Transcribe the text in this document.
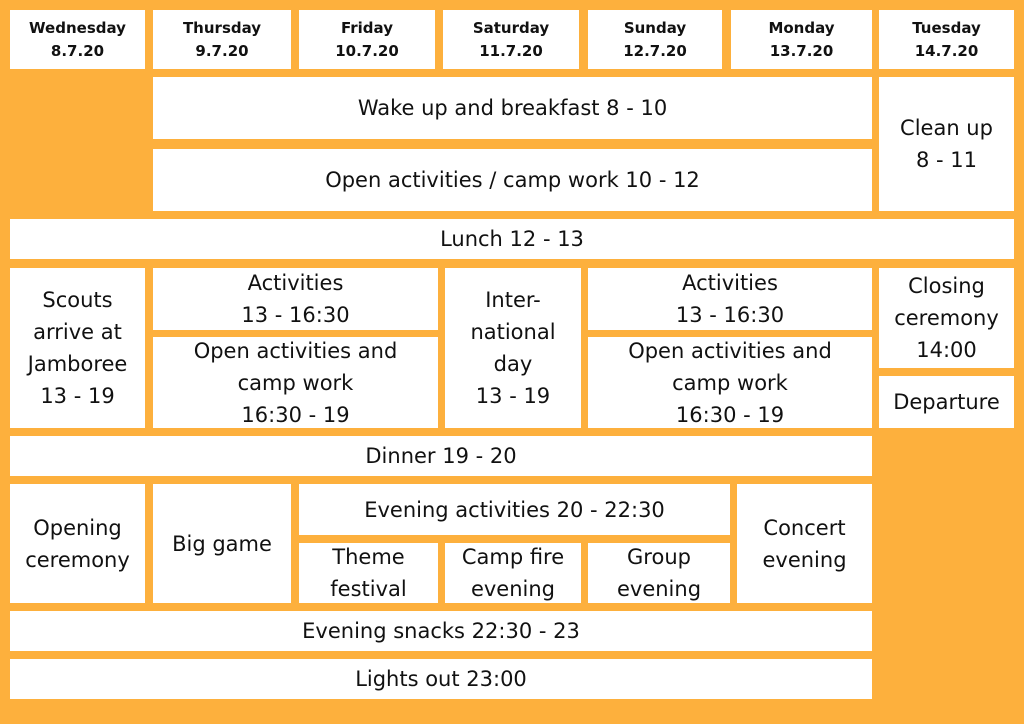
Wednesday
8.7.20
Thursday
9.7.20
Friday
10.7.20
Saturday
11.7.20
Sunday
12.7.20
Monday
13.7.20
Tuesday
14.7.20
Wake up and breakfast 8 - 10
Open activities / camp work 10 - 12
Clean up
8 - 11
Lunch 12 - 13
Scouts
arrive at
Jamboree
13 - 19
Activities
13 - 16:30
Open activities and
camp work
16:30 - 19
Inter-
national
day
13 - 19
Activities
13 - 16:30
Open activities and
camp work
16:30 - 19
Closing
ceremony
14:00
Departure
Dinner 19 - 20
Opening
ceremony
Big game
Evening activities 20 - 22:30
Theme
festival
Camp fire
evening
Group
evening
Concert
evening
Evening snacks 22:30 - 23
Lights out 23:00
